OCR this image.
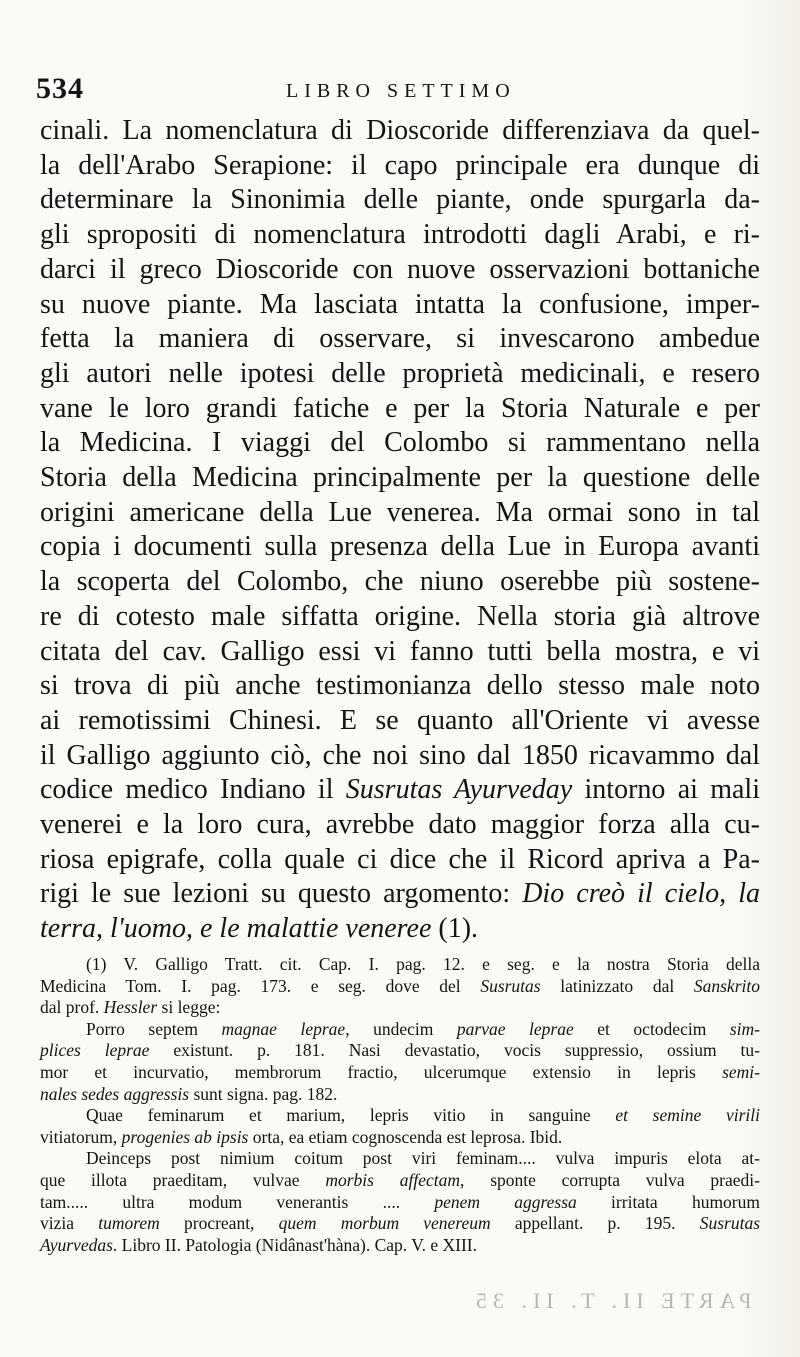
534	LIBRO SETTIMO
cinali. La nomenclatura di Dioscoride differenziava da quel-
la dell'Arabo Serapione: il capo principale era dunque di
determinare la Sinonimia delle piante, onde spurgarla da-
gli spropositi di nomenclatura introdotti dagli Arabi, e ri-
darci il greco Dioscoride con nuove osservazioni bottaniche
su nuove piante. Ma lasciata intatta la confusione, imper-
fetta la maniera di osservare, si invescarono ambedue
gli autori nelle ipotesi delle proprietà medicinali, e resero
vane le loro grandi fatiche e per la Storia Naturale e per
la Medicina. I viaggi del Colombo si rammentano nella
Storia della Medicina principalmente per la questione delle
origini americane della Lue venerea. Ma ormai sono in tal
copia i documenti sulla presenza della Lue in Europa avanti
la scoperta del Colombo, che niuno oserebbe più sostene-
re di cotesto male siffatta origine. Nella storia già altrove
citata del cav. Galligo essi vi fanno tutti bella mostra, e vi
si trova di più anche testimonianza dello stesso male noto
ai remotissimi Chinesi. E se quanto all'Oriente vi avesse
il Galligo aggiunto ciò, che noi sino dal 1850 ricavammo dal
codice medico Indiano il Susrutas Ayurveday intorno ai mali
venerei e la loro cura, avrebbe dato maggior forza alla cu-
riosa epigrafe, colla quale ci dice che il Ricord apriva a Pa-
rigi le sue lezioni su questo argomento: Dio creò il cielo, la
terra, l'uomo, e le malattie veneree (1).
(1) V. Galligo Tratt. cit. Cap. I. pag. 12. e seg. e la nostra Storia della
Medicina Tom. I. pag. 173. e seg. dove del Susrutas latinizzato dal Sanskrito
dal prof. Hessler si legge:
Porro septem magnae leprae, undecim parvae leprae et octodecim sim-
plices leprae existunt. p. 181. Nasi devastatio, vocis suppressio, ossium tu-
mor et incurvatio, membrorum fractio, ulcerumque extensio in lepris semi-
nales sedes aggressis sunt signa. pag. 182.
Quae feminarum et marium, lepris vitio in sanguine et semine virili
vitiatorum, progenies ab ipsis orta, ea etiam cognoscenda est leprosa. Ibid.
Deinceps post nimium coitum post viri feminam.... vulva impuris elota at-
que illota praeditam, vulvae morbis affectam, sponte corrupta vulva praedi-
tam..... ultra modum venerantis .... penem aggressa irritata humorum
vizia tumorem procreant, quem morbum venereum appellant. p. 195. Susrutas
Ayurvedas. Libro II. Patologia (Nidânast'hàna). Cap. V. e XIII.
PARTE II. T. II. 35
